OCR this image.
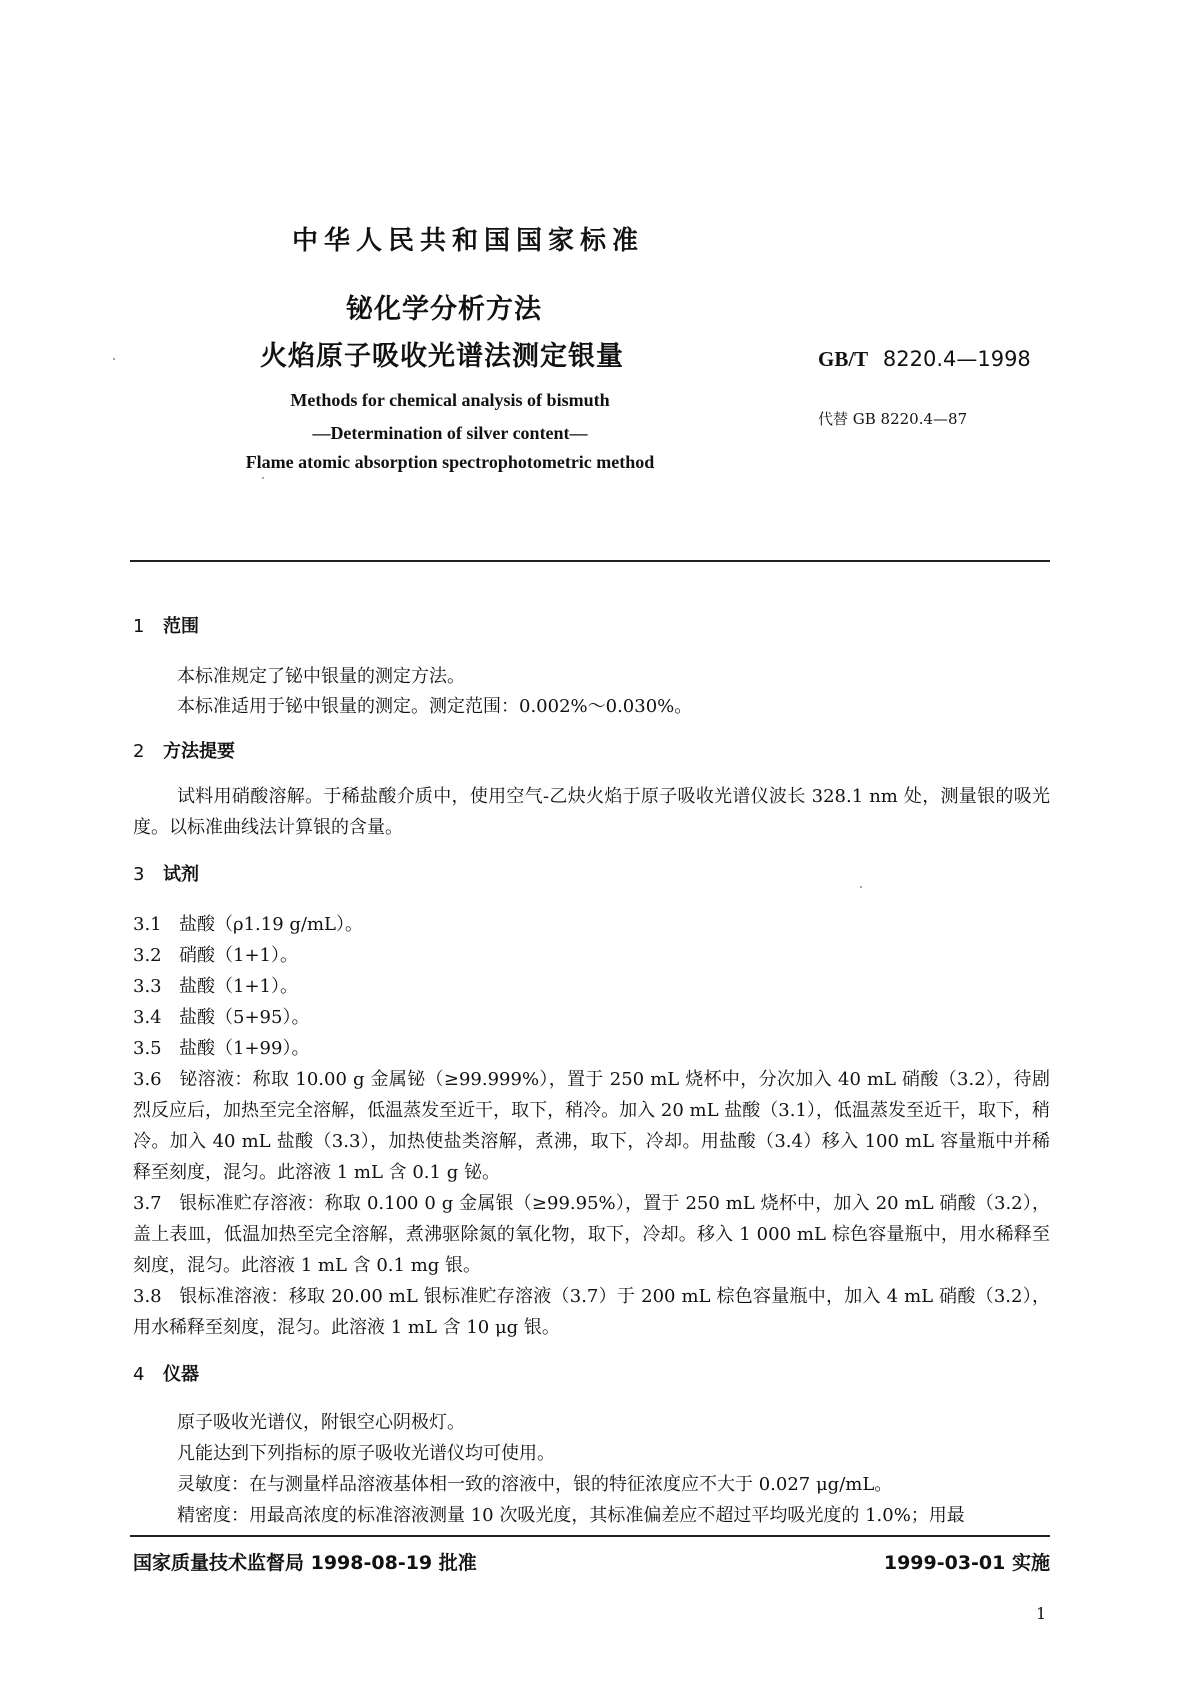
中华人民共和国国家标准
铋化学分析方法
火焰原子吸收光谱法测定银量	GB/T 8220.4—1998
代替 GB 8220.4—87
Methods for chemical analysis of bismuth
—Determination of silver content—
Flame atomic absorption spectrophotometric method
1 范围
本标准规定了铋中银量的测定方法。
本标准适用于铋中银量的测定。测定范围：0.002%～0.030%。
2 方法提要
试料用硝酸溶解。于稀盐酸介质中，使用空气-乙炔火焰于原子吸收光谱仪波长 328.1 nm 处，测量银的吸光度。以标准曲线法计算银的含量。
3 试剂
3.1 盐酸（ρ1.19 g/mL）。
3.2 硝酸（1+1）。
3.3 盐酸（1+1）。
3.4 盐酸（5+95）。
3.5 盐酸（1+99）。
3.6 铋溶液：称取 10.00 g 金属铋（≥99.999%），置于 250 mL 烧杯中，分次加入 40 mL 硝酸（3.2），待剧烈反应后，加热至完全溶解，低温蒸发至近干，取下，稍冷。加入 20 mL 盐酸（3.1），低温蒸发至近干，取下，稍冷。加入 40 mL 盐酸（3.3），加热使盐类溶解，煮沸，取下，冷却。用盐酸（3.4）移入 100 mL 容量瓶中并稀释至刻度，混匀。此溶液 1 mL 含 0.1 g 铋。
3.7 银标准贮存溶液：称取 0.100 0 g 金属银（≥99.95%），置于 250 mL 烧杯中，加入 20 mL 硝酸（3.2），盖上表皿，低温加热至完全溶解，煮沸驱除氮的氧化物，取下，冷却。移入 1 000 mL 棕色容量瓶中，用水稀释至刻度，混匀。此溶液 1 mL 含 0.1 mg 银。
3.8 银标准溶液：移取 20.00 mL 银标准贮存溶液（3.7）于 200 mL 棕色容量瓶中，加入 4 mL 硝酸（3.2），用水稀释至刻度，混匀。此溶液 1 mL 含 10 μg 银。
4 仪器
原子吸收光谱仪，附银空心阴极灯。
凡能达到下列指标的原子吸收光谱仪均可使用。
灵敏度：在与测量样品溶液基体相一致的溶液中，银的特征浓度应不大于 0.027 μg/mL。
精密度：用最高浓度的标准溶液测量 10 次吸光度，其标准偏差应不超过平均吸光度的 1.0%；用最
国家质量技术监督局 1998-08-19 批准	1999-03-01 实施
1
